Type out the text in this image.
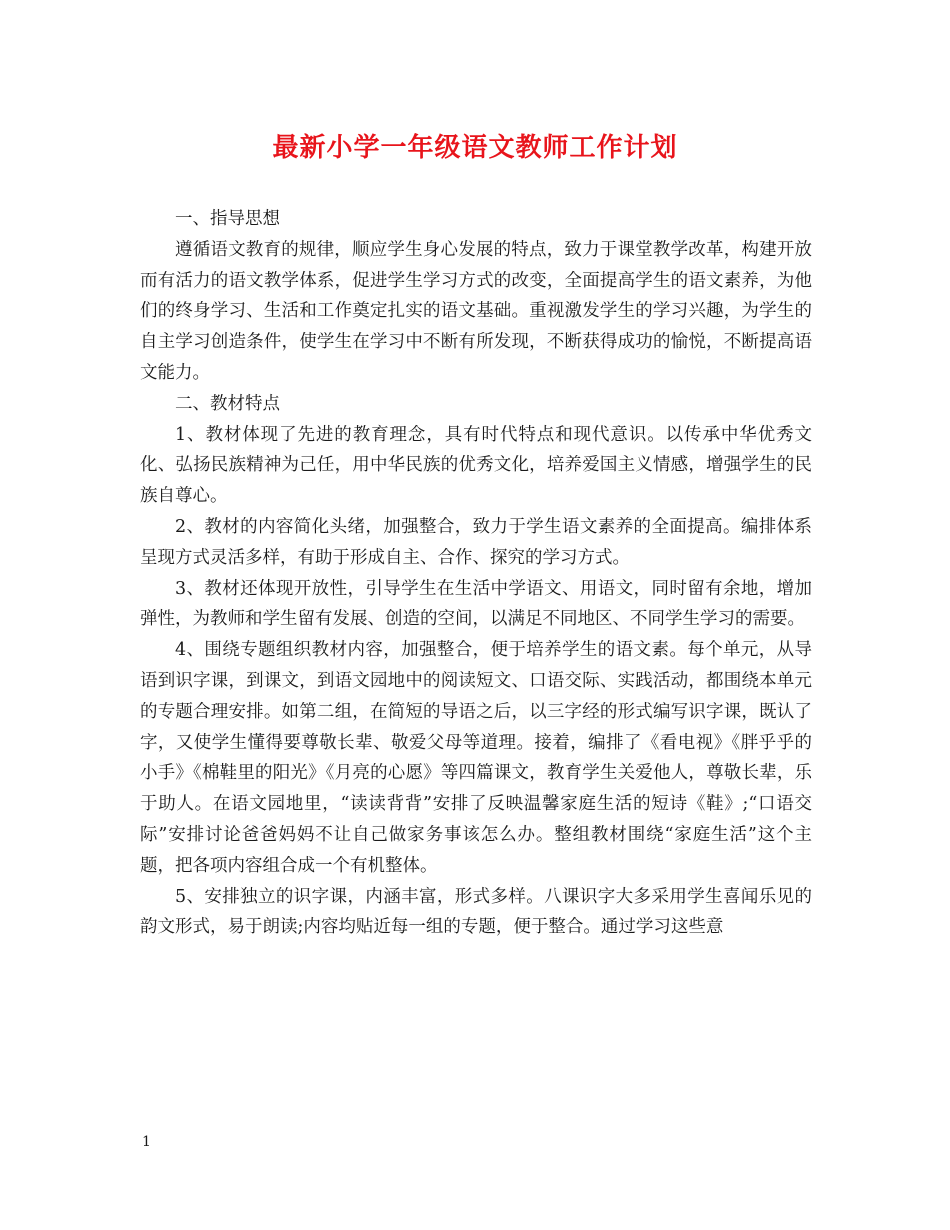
最新小学一年级语文教师工作计划

一、指导思想

遵循语文教育的规律，顺应学生身心发展的特点，致力于课堂教学改革，构建开放而有活力的语文教学体系，促进学生学习方式的改变，全面提高学生的语文素养，为他们的终身学习、生活和工作奠定扎实的语文基础。重视激发学生的学习兴趣，为学生的自主学习创造条件，使学生在学习中不断有所发现，不断获得成功的愉悦，不断提高语文能力。

二、教材特点

1、教材体现了先进的教育理念，具有时代特点和现代意识。以传承中华优秀文化、弘扬民族精神为己任，用中华民族的优秀文化，培养爱国主义情感，增强学生的民族自尊心。

2、教材的内容简化头绪，加强整合，致力于学生语文素养的全面提高。编排体系呈现方式灵活多样，有助于形成自主、合作、探究的学习方式。

3、教材还体现开放性，引导学生在生活中学语文、用语文，同时留有余地，增加弹性，为教师和学生留有发展、创造的空间，以满足不同地区、不同学生学习的需要。

4、围绕专题组织教材内容，加强整合，便于培养学生的语文素。每个单元，从导语到识字课，到课文，到语文园地中的阅读短文、口语交际、实践活动，都围绕本单元的专题合理安排。如第二组，在简短的导语之后，以三字经的形式编写识字课，既认了字，又使学生懂得要尊敬长辈、敬爱父母等道理。接着，编排了《看电视》《胖乎乎的小手》《棉鞋里的阳光》《月亮的心愿》等四篇课文，教育学生关爱他人，尊敬长辈，乐于助人。在语文园地里，“读读背背”安排了反映温馨家庭生活的短诗《鞋》;“口语交际”安排讨论爸爸妈妈不让自己做家务事该怎么办。整组教材围绕“家庭生活”这个主题，把各项内容组合成一个有机整体。

5、安排独立的识字课，内涵丰富，形式多样。八课识字大多采用学生喜闻乐见的韵文形式，易于朗读;内容均贴近每一组的专题，便于整合。通过学习这些意

1
